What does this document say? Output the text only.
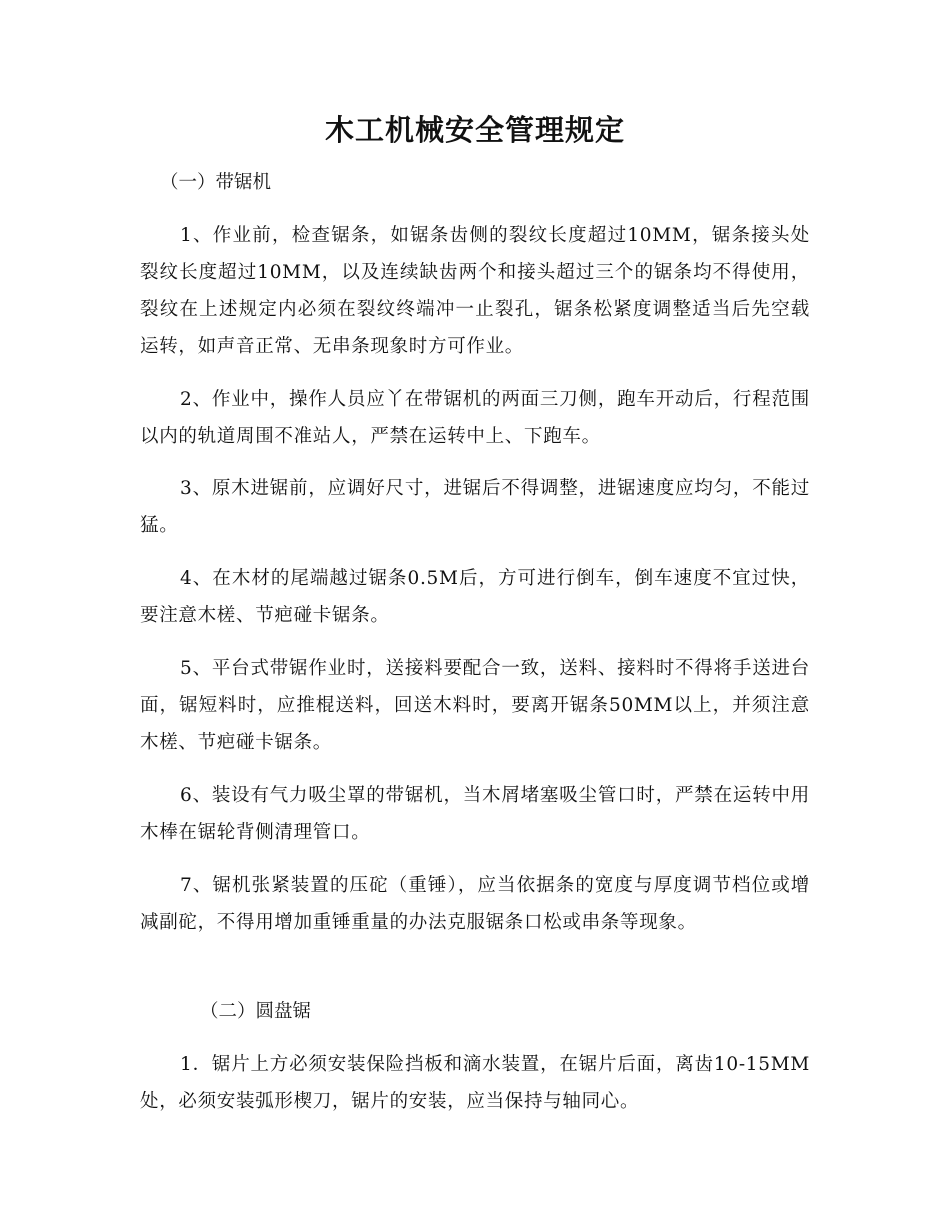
木工机械安全管理规定

（一）带锯机

1、作业前，检查锯条，如锯条齿侧的裂纹长度超过10MM，锯条接头处裂纹长度超过10MM，以及连续缺齿两个和接头超过三个的锯条均不得使用，裂纹在上述规定内必须在裂纹终端冲一止裂孔，锯条松紧度调整适当后先空载运转，如声音正常、无串条现象时方可作业。

2、作业中，操作人员应丫在带锯机的两面三刀侧，跑车开动后，行程范围以内的轨道周围不准站人，严禁在运转中上、下跑车。

3、原木进锯前，应调好尺寸，进锯后不得调整，进锯速度应均匀，不能过猛。

4、在木材的尾端越过锯条0.5M后，方可进行倒车，倒车速度不宜过快，要注意木槎、节疤碰卡锯条。

5、平台式带锯作业时，送接料要配合一致，送料、接料时不得将手送进台面，锯短料时，应推棍送料，回送木料时，要离开锯条50MM以上，并须注意木槎、节疤碰卡锯条。

6、装设有气力吸尘罩的带锯机，当木屑堵塞吸尘管口时，严禁在运转中用木棒在锯轮背侧清理管口。

7、锯机张紧装置的压砣（重锤），应当依据条的宽度与厚度调节档位或增减副砣，不得用增加重锤重量的办法克服锯条口松或串条等现象。

（二）圆盘锯

1．锯片上方必须安装保险挡板和滴水装置，在锯片后面，离齿10-15MM处，必须安装弧形楔刀，锯片的安装，应当保持与轴同心。
